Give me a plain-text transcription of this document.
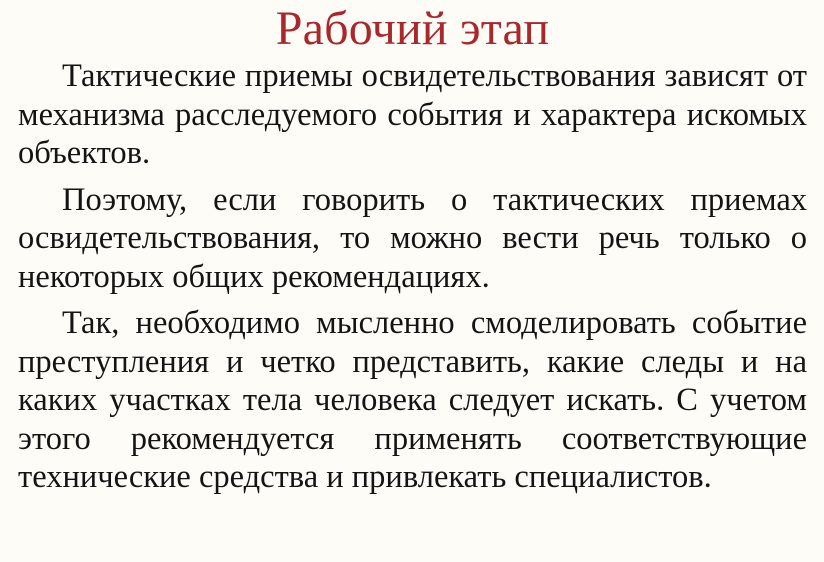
Рабочий этап

Тактические приемы освидетельствования зависят от механизма расследуемого события и характера искомых объектов.

Поэтому, если говорить о тактических приемах освидетельствования, то можно вести речь только о некоторых общих рекомендациях.

Так, необходимо мысленно смоделировать событие преступления и четко представить, какие следы и на каких участках тела человека следует искать. С учетом этого рекомендуется применять соответствующие технические средства и привлекать специалистов.
